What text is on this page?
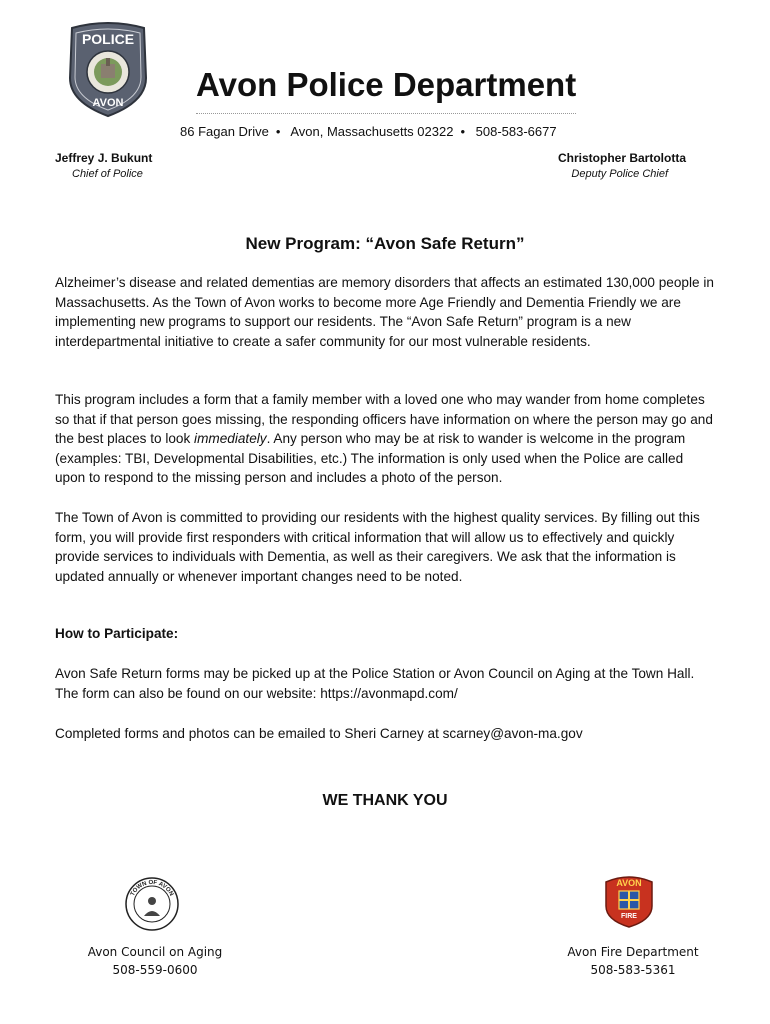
POLICE
AVON Avon Police Department
86 Fagan Drive • Avon, Massachusetts 02322 • 508-583-6677
Jeffrey J. Bukunt
Chief of Police
Christopher Bartolotta
Deputy Police Chief
New Program: “Avon Safe Return”

Alzheimer’s disease and related dementias are memory disorders that affects an estimated 130,000 people in Massachusetts. As the Town of Avon works to become more Age Friendly and Dementia Friendly we are implementing new programs to support our residents. The “Avon Safe Return” program is a new interdepartmental initiative to create a safer community for our most vulnerable residents.

This program includes a form that a family member with a loved one who may wander from home completes so that if that person goes missing, the responding officers have information on where the person may go and the best places to look immediately. Any person who may be at risk to wander is welcome in the program (examples: TBI, Developmental Disabilities, etc.) The information is only used when the Police are called upon to respond to the missing person and includes a photo of the person.

The Town of Avon is committed to providing our residents with the highest quality services. By filling out this form, you will provide first responders with critical information that will allow us to effectively and quickly provide services to individuals with Dementia, as well as their caregivers. We ask that the information is updated annually or whenever important changes need to be noted.

How to Participate:

Avon Safe Return forms may be picked up at the Police Station or Avon Council on Aging at the Town Hall. The form can also be found on our website: https://avonmapd.com/

Completed forms and photos can be emailed to Sheri Carney at scarney@avon-ma.gov

WE THANK YOU
TOWN OF AVON
AVON
FIRE
Avon Council on Aging
508-559-0600
Avon Fire Department
508-583-5361
